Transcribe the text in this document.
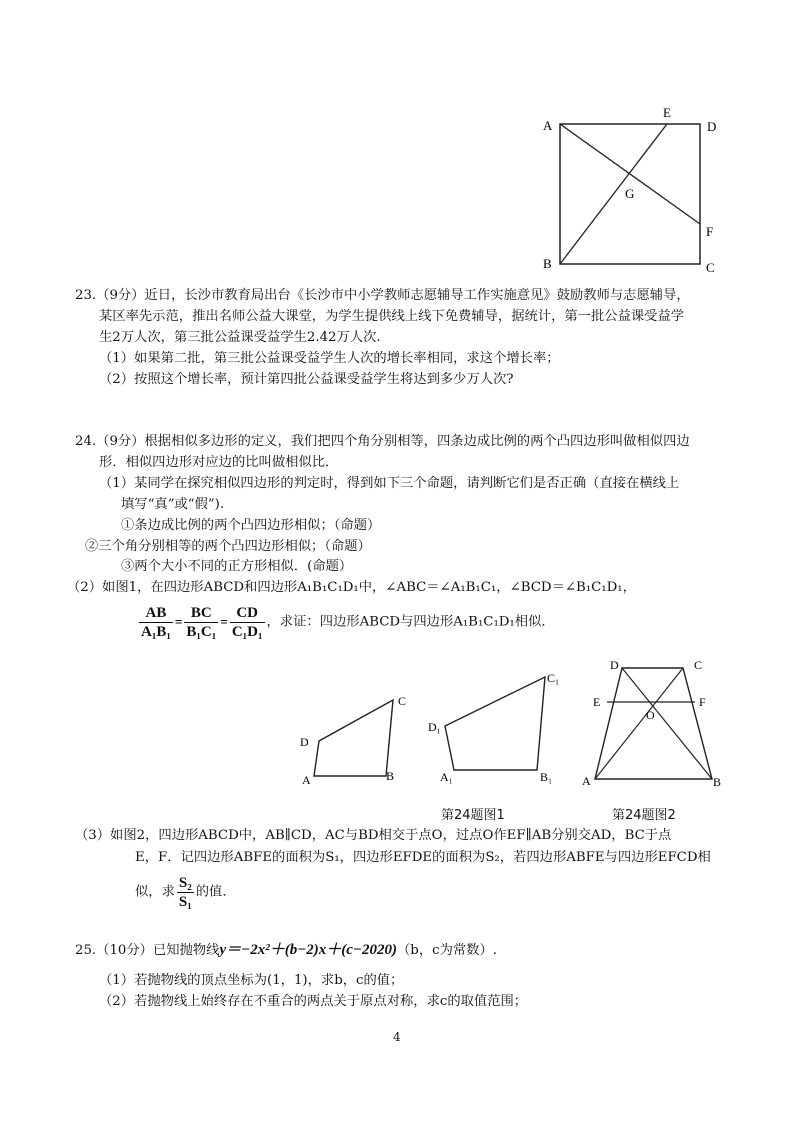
A	D
E
G
F
B	C
23.（9分）近日，长沙市教育局出台《长沙市中小学教师志愿辅导工作实施意见》鼓励教师与志愿辅导，
某区率先示范，推出名师公益大课堂，为学生提供线上线下免费辅导，据统计，第一批公益课受益学
生2万人次，第三批公益课受益学生2.42万人次.
（1）如果第二批，第三批公益课受益学生人次的增长率相同，求这个增长率；
（2）按照这个增长率，预计第四批公益课受益学生将达到多少万人次?
24.（9分）根据相似多边形的定义，我们把四个角分别相等，四条边成比例的两个凸四边形叫做相似四边
形．相似四边形对应边的比叫做相似比．
（1）某同学在探究相似四边形的判定时，得到如下三个命题，请判断它们是否正确（直接在横线上
填写“真”或“假”).
①条边成比例的两个凸四边形相似；（命题）
②三个角分别相等的两个凸四边形相似；（命题）
③两个大小不同的正方形相似．(命题）
（2）如图1，在四边形ABCD和四边形A₁B₁C₁D₁中，∠ABC＝∠A₁B₁C₁，∠BCD＝∠B₁C₁D₁，
$\frac{AB}{\text{A₁B₁}} = \frac{BC}{\text{B₁C₁}} = \frac{CD}{\text{C₁D₁}}$ ，求证：四边形ABCD与四边形A₁B₁C₁D₁相似．
D
C
A	B
D₁
C₁
A₁	B₁
D	C
E
O
F
A	B
第24题图1	第24题图2
（3）如图2，四边形ABCD中，AB∥CD，AC与BD相交于点O，过点O作EF∥AB分别交AD，BC于点
E，F．记四边形ABFE的面积为S₁，四边形EFDE的面积为S₂，若四边形ABFE与四边形EFCD相
似，求 $\frac{\text{S₂}}{\text{S₁}}$ 的值．
25.（10分）已知抛物线y＝−2x²＋(b−2)x＋(c−2020)（b，c为常数）.
（1）若抛物线的顶点坐标为(1，1)，求b，c的值；
（2）若抛物线上始终存在不重合的两点关于原点对称，求c的取值范围；
4
